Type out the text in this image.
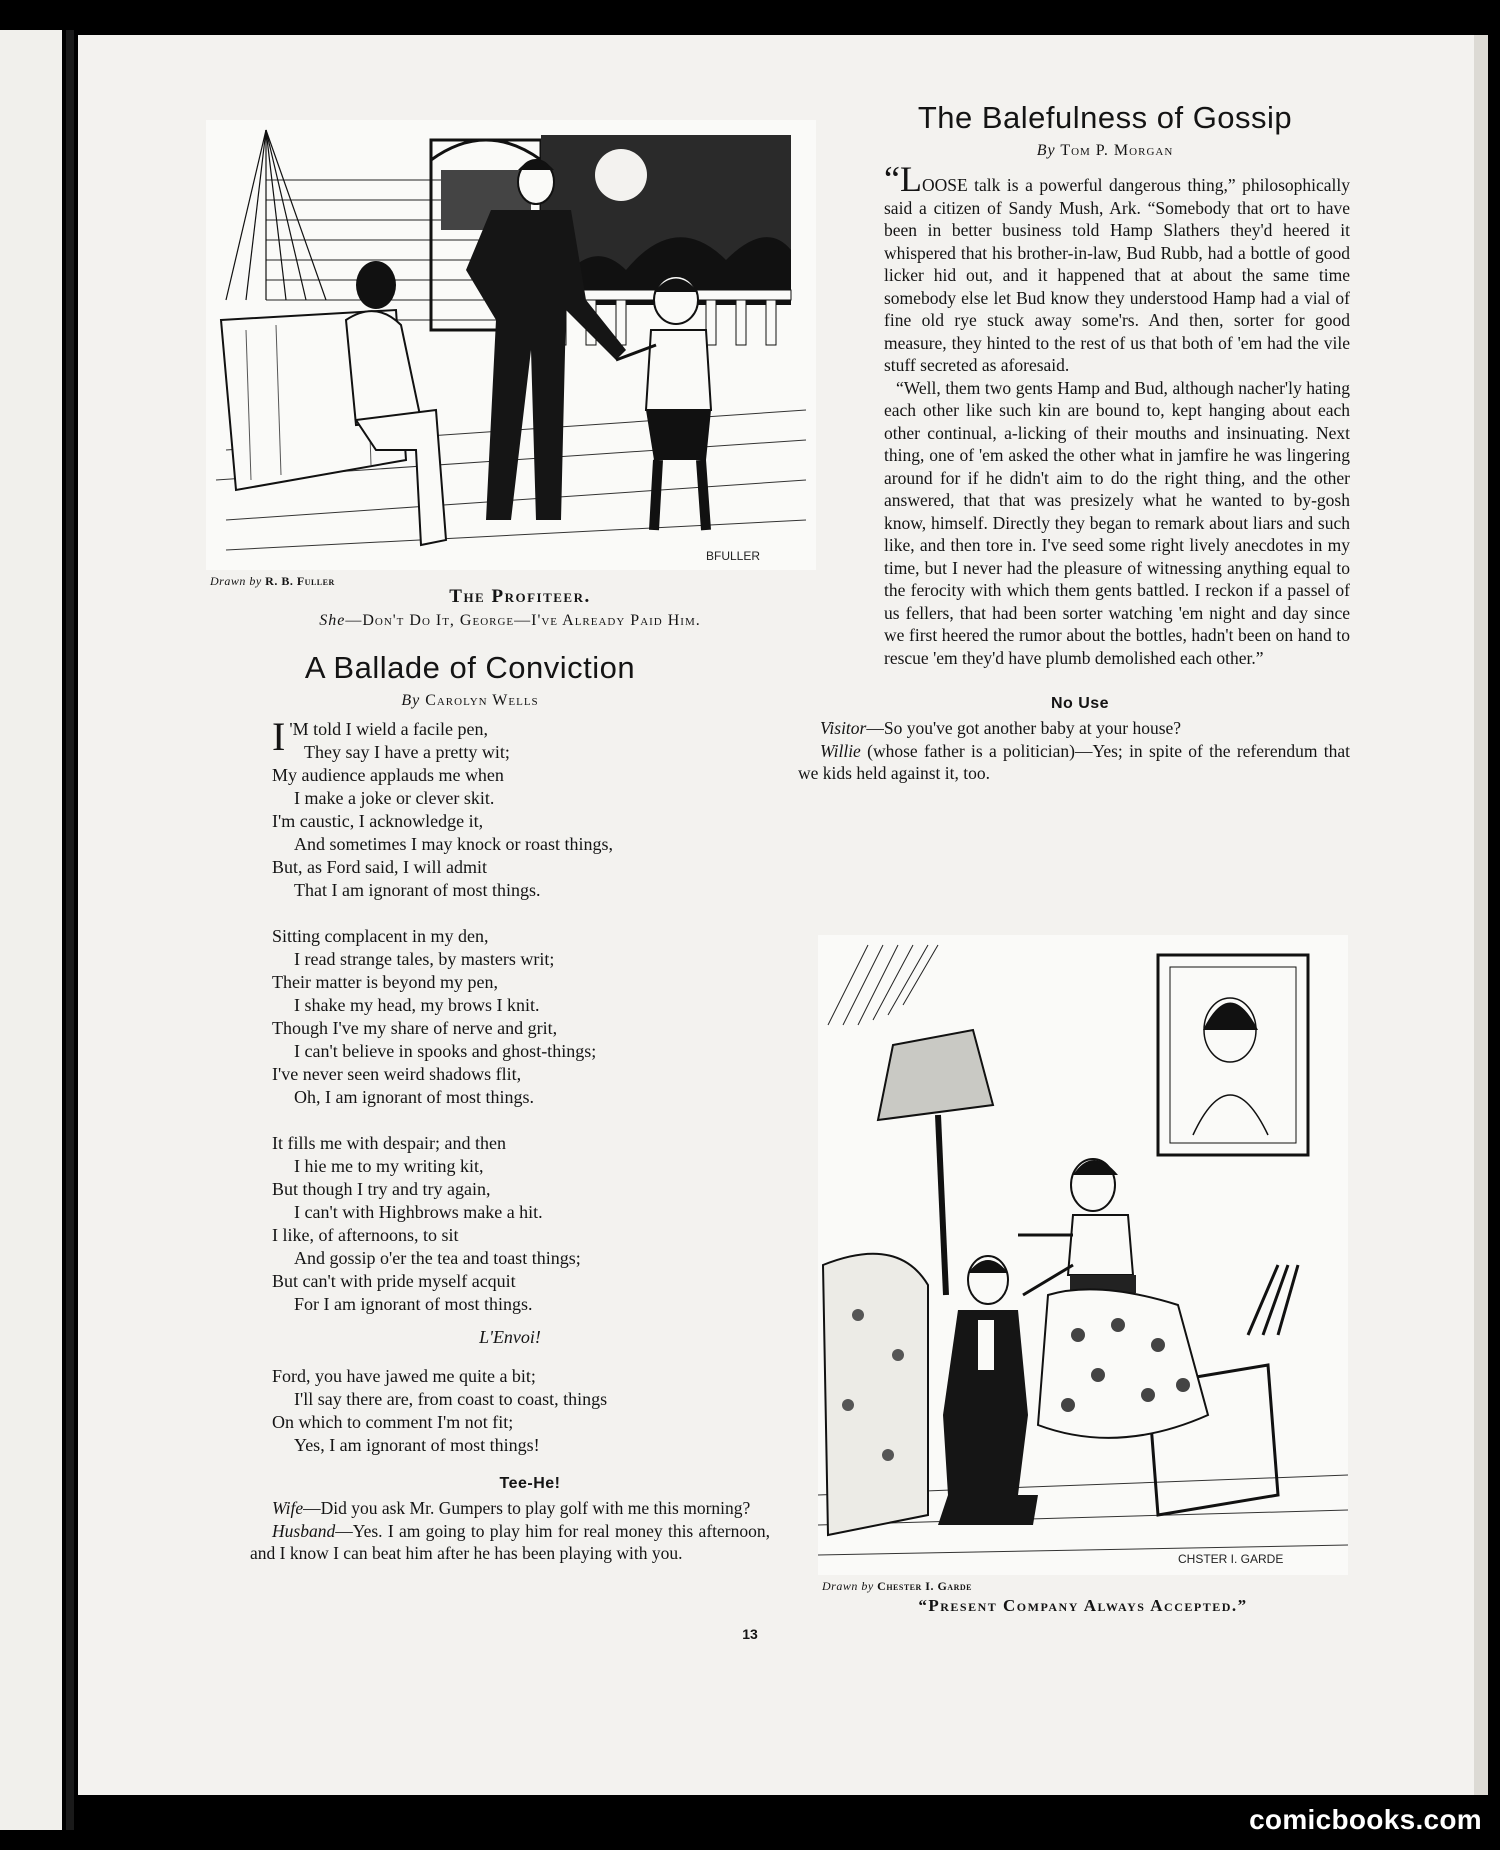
BFULLER
Drawn by R. B. Fuller
The Profiteer.
She—Don't Do It, George—I've Already Paid Him.
A Ballade of Conviction
By Carolyn Wells
I 'M told I wield a facile pen,
They say I have a pretty wit;
My audience applauds me when
I make a joke or clever skit.
I'm caustic, I acknowledge it,
And sometimes I may knock or roast things,
But, as Ford said, I will admit
That I am ignorant of most things.
Sitting complacent in my den,
I read strange tales, by masters writ;
Their matter is beyond my pen,
I shake my head, my brows I knit.
Though I've my share of nerve and grit,
I can't believe in spooks and ghost-things;
I've never seen weird shadows flit,
Oh, I am ignorant of most things.
It fills me with despair; and then
I hie me to my writing kit,
But though I try and try again,
I can't with Highbrows make a hit.
I like, of afternoons, to sit
And gossip o'er the tea and toast things;
But can't with pride myself acquit
For I am ignorant of most things.
L'Envoi!
Ford, you have jawed me quite a bit;
I'll say there are, from coast to coast, things
On which to comment I'm not fit;
Yes, I am ignorant of most things!
Tee-He!

Wife—Did you ask Mr. Gumpers to play golf with me this morning?

Husband—Yes. I am going to play him for real money this afternoon, and I know I can beat him after he has been playing with you.

The Balefulness of Gossip
By Tom P. Morgan

“LOOSE talk is a powerful dangerous thing,” philosophically said a citizen of Sandy Mush, Ark. “Somebody that ort to have been in better business told Hamp Slathers they'd heered it whispered that his brother-in-law, Bud Rubb, had a bottle of good licker hid out, and it happened that at about the same time somebody else let Bud know they understood Hamp had a vial of fine old rye stuck away some'rs. And then, sorter for good measure, they hinted to the rest of us that both of 'em had the vile stuff secreted as aforesaid.

“Well, them two gents Hamp and Bud, although nacher'ly hating each other like such kin are bound to, kept hanging about each other continual, a-licking of their mouths and insinuating. Next thing, one of 'em asked the other what in jamfire he was lingering around for if he didn't aim to do the right thing, and the other answered, that that was presizely what he wanted to by-gosh know, himself. Directly they began to remark about liars and such like, and then tore in. I've seed some right lively anecdotes in my time, but I never had the pleasure of witnessing anything equal to the ferocity with which them gents battled. I reckon if a passel of us fellers, that had been sorter watching 'em night and day since we first heered the rumor about the bottles, hadn't been on hand to rescue 'em they'd have plumb demolished each other.”

No Use

Visitor—So you've got another baby at your house?

Willie (whose father is a politician)—Yes; in spite of the referendum that we kids held against it, too.

CHSTER I. GARDE
Drawn by Chester I. Garde
“Present Company Always Accepted.”
13
comicbooks.com
